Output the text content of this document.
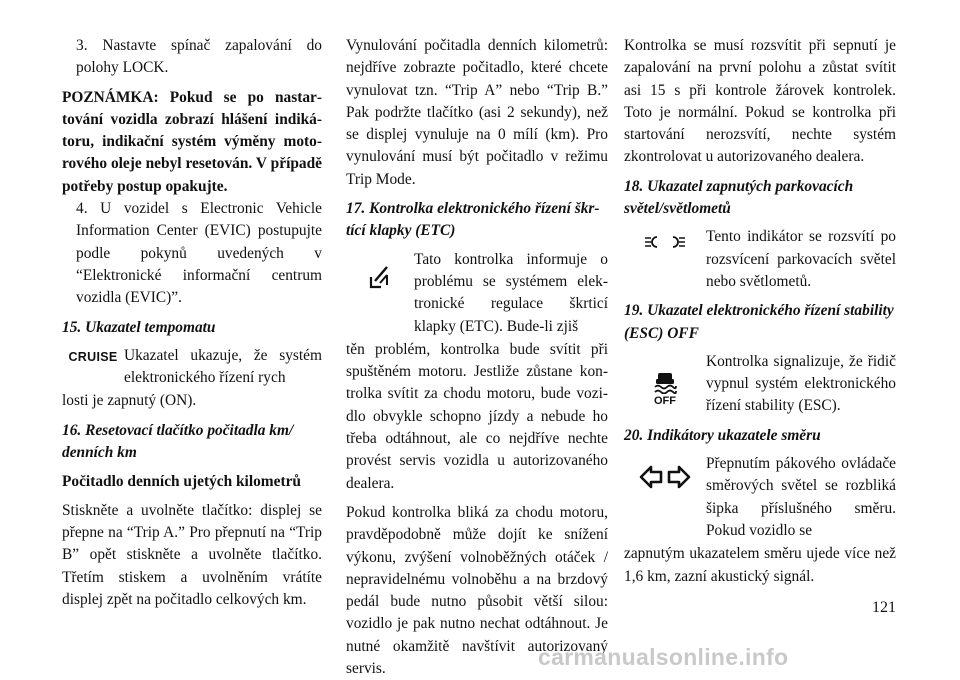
3. Nastavte spínač zapalování do polohy LOCK.

POZNÁMKA: Pokud se po nastartování vozidla zobrazí hlášení indikátoru, indikační systém výměny motorového oleje nebyl resetován. V případě potřeby postup opakujte.

4. U vozidel s Electronic Vehicle Information Center (EVIC) postupujte podle pokynů uvedených v “Elektronické informační centrum vozidla (EVIC)”.

15. Ukazatel tempomatu

CRUISE Ukazatel ukazuje, že systém elektronického řízení rych

losti je zapnutý (ON).

16. Resetovací tlačítko počitadla km/ denních km

Počitadlo denních ujetých kilometrů

Stiskněte a uvolněte tlačítko: displej se přepne na “Trip A.” Pro přepnutí na “Trip B” opět stiskněte a uvolněte tlačítko. Třetím stiskem a uvolněním vrátíte displej zpět na počitadlo celkových km.

Vynulování počitadla denních kilometrů: nejdříve zobrazte počitadlo, které chcete vynulovat tzn. “Trip A” nebo “Trip B.” Pak podržte tlačítko (asi 2 sekundy), než se displej vynuluje na 0 mílí (km). Pro vynulování musí být počitadlo v režimu Trip Mode.

17. Kontrolka elektronického řízení škrtící klapky (ETC)

Tato kontrolka informuje o problému se systémem elektronické regulace škrticí klapky (ETC). Bude-li zjiš

těn problém, kontrolka bude svítit při spuštěném motoru. Jestliže zůstane kontrolka svítit za chodu motoru, bude vozidlo obvykle schopno jízdy a nebude ho třeba odtáhnout, ale co nejdříve nechte provést servis vozidla u autorizovaného dealera.

Pokud kontrolka bliká za chodu motoru, pravděpodobně může dojít ke snížení výkonu, zvýšení volnoběžných otáček / nepravidelnému volnoběhu a na brzdový pedál bude nutno působit větší silou: vozidlo je pak nutno nechat odtáhnout. Je nutné okamžitě navštívit autorizovaný servis.

Kontrolka se musí rozsvítit při sepnutí je zapalování na první polohu a zůstat svítit asi 15 s při kontrole žárovek kontrolek. Toto je normální. Pokud se kontrolka při startování nerozsvítí, nechte systém zkontrolovat u autorizovaného dealera.

18. Ukazatel zapnutých parkovacích světel/světlometů

Tento indikátor se rozsvítí po rozsvícení parkovacích světel nebo světlometů.

19. Ukazatel elektronického řízení stability (ESC) OFF

OFF

Kontrolka signalizuje, že řidič vypnul systém elektronického řízení stability (ESC).

20. Indikátory ukazatele směru

Přepnutím pákového ovládače směrových světel se rozbliká šipka příslušného směru. Pokud vozidlo se

zapnutým ukazatelem směru ujede více než 1,6 km, zazní akustický signál.

121
carmanualsonline.info
